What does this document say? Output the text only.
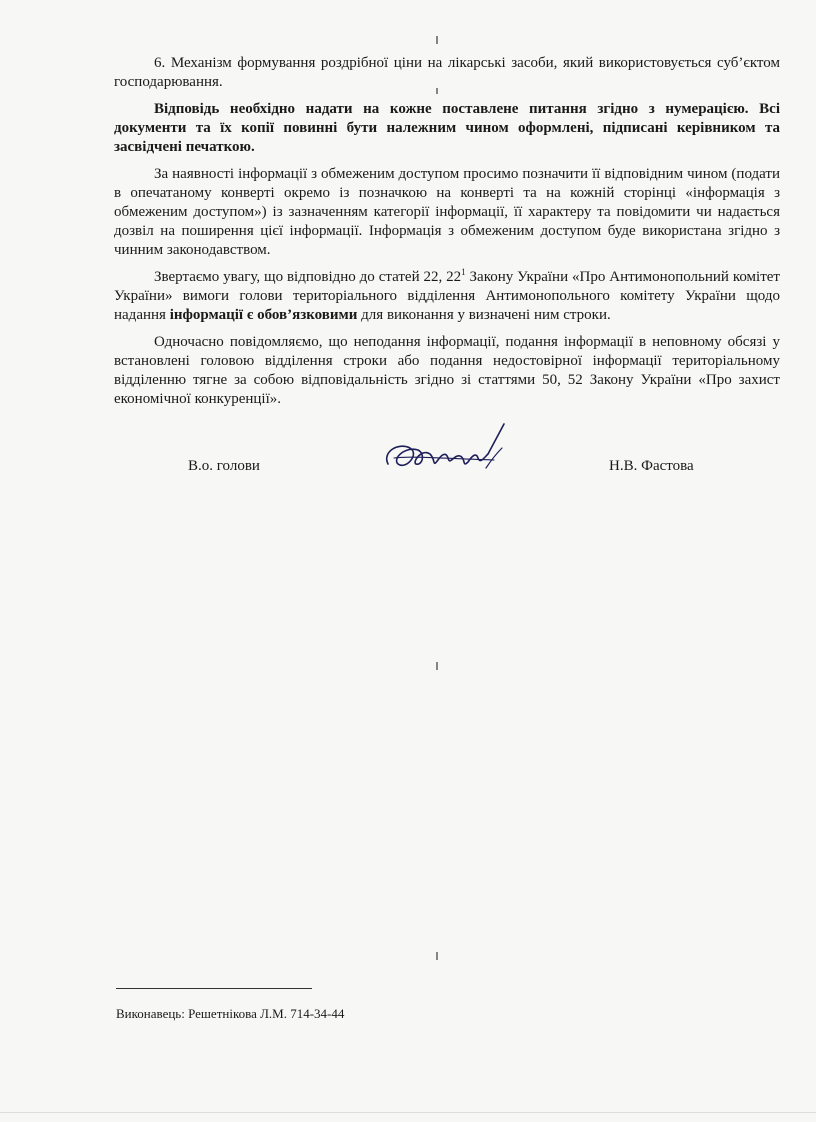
6. Механізм формування роздрібної ціни на лікарські засоби, який використовується суб’єктом господарювання.

Відповідь необхідно надати на кожне поставлене питання згідно з нумерацією. Всі документи та їх копії повинні бути належним чином оформлені, підписані керівником та засвідчені печаткою.

За наявності інформації з обмеженим доступом просимо позначити її відповідним чином (подати в опечатаному конверті окремо із позначкою на конверті та на кожній сторінці «інформація з обмеженим доступом») із зазначенням категорії інформації, її характеру та повідомити чи надається дозвіл на поширення цієї інформації. Інформація з обмеженим доступом буде використана згідно з чинним законодавством.

Звертаємо увагу, що відповідно до статей 22, $22^1$ Закону України «Про Антимонопольний комітет України» вимоги голови територіального відділення Антимонопольного комітету України щодо надання інформації є обов’язковими для виконання у визначені ним строки.

Одночасно повідомляємо, що неподання інформації, подання інформації в неповному обсязі у встановлені головою відділення строки або подання недостовірної інформації територіальному відділенню тягне за собою відповідальність згідно зі статтями 50, 52 Закону України «Про захист економічної конкуренції».

В.о. голови	Н.В. Фастова
Виконавець: Решетнікова Л.М. 714-34-44
